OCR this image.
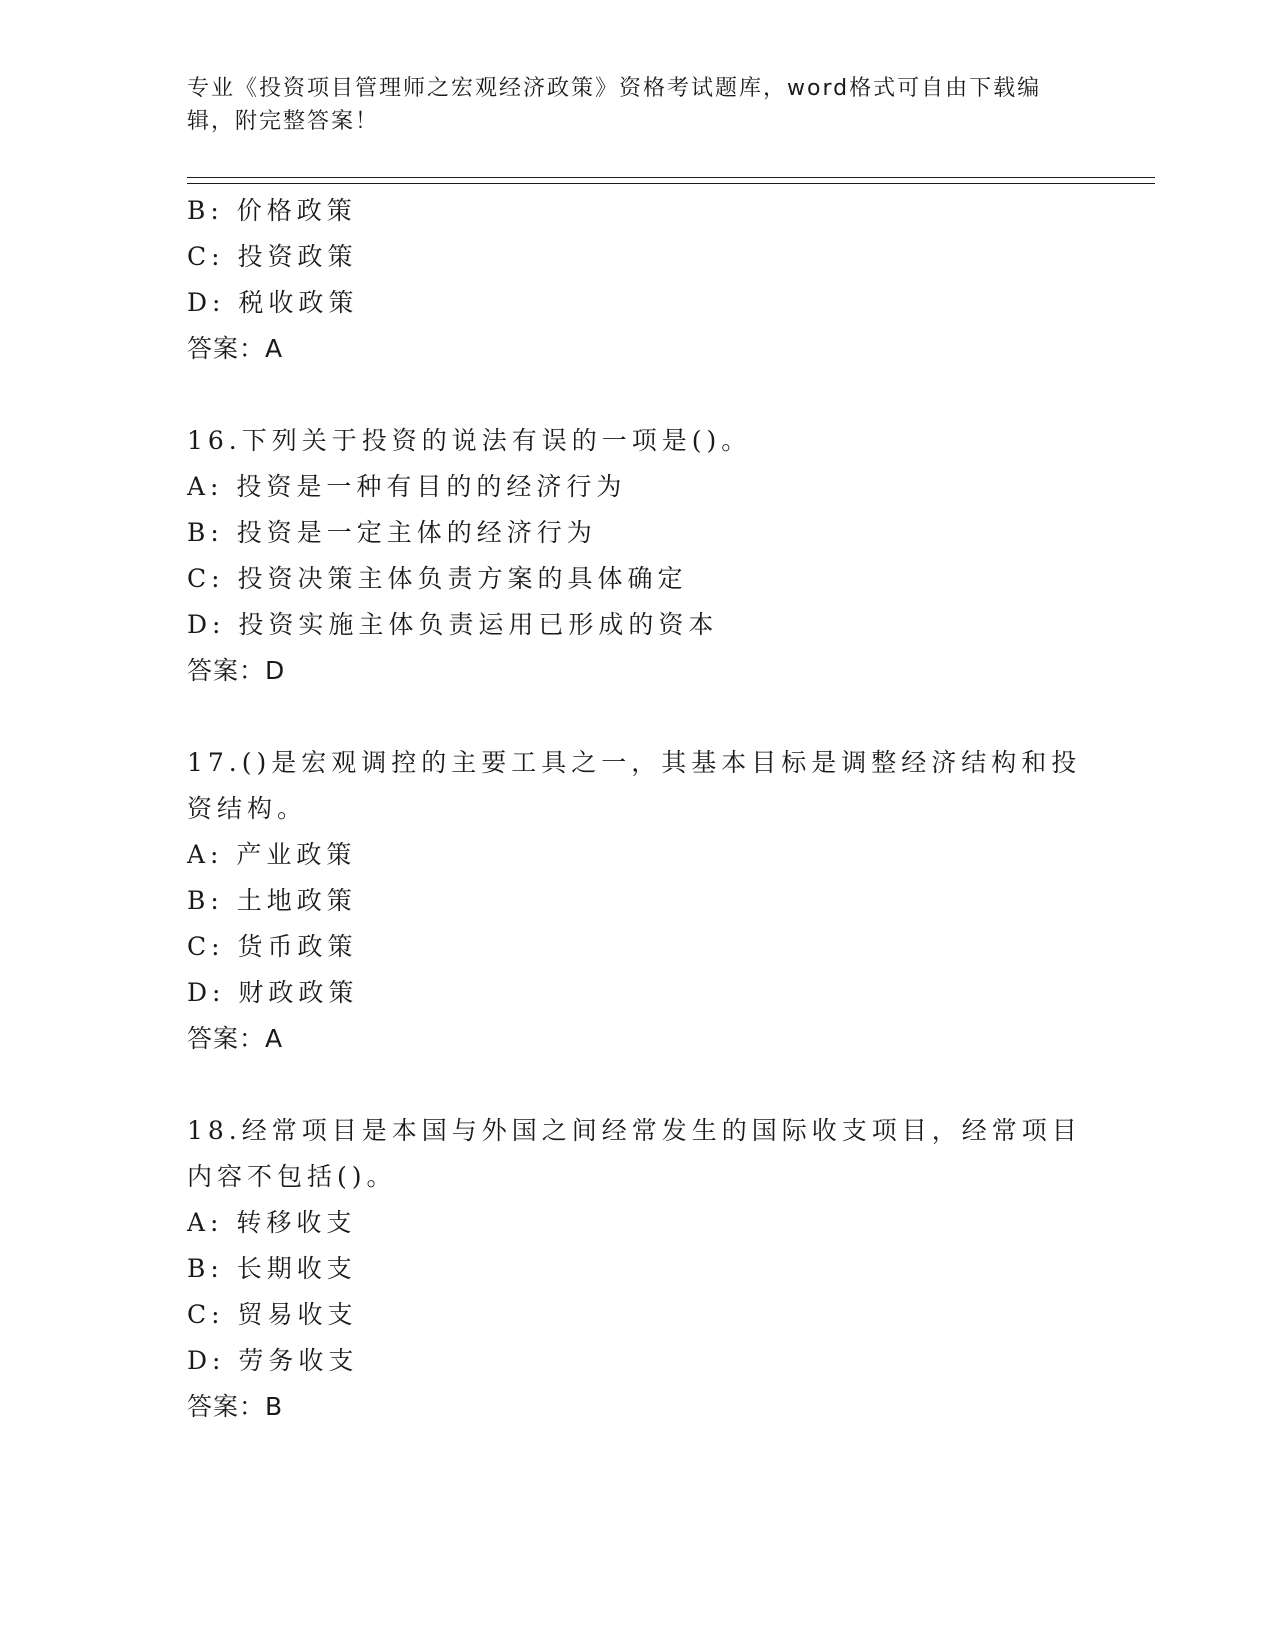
专业《投资项目管理师之宏观经济政策》资格考试题库，word格式可自由下载编辑，附完整答案！
B: 价格政策
C: 投资政策
D: 税收政策
答案：A
16.下列关于投资的说法有误的一项是()。
A: 投资是一种有目的的经济行为
B: 投资是一定主体的经济行为
C: 投资决策主体负责方案的具体确定
D: 投资实施主体负责运用已形成的资本
答案：D
17.()是宏观调控的主要工具之一，其基本目标是调整经济结构和投资结构。
A: 产业政策
B: 土地政策
C: 货币政策
D: 财政政策
答案：A
18.经常项目是本国与外国之间经常发生的国际收支项目，经常项目内容不包括()。
A: 转移收支
B: 长期收支
C: 贸易收支
D: 劳务收支
答案：B
